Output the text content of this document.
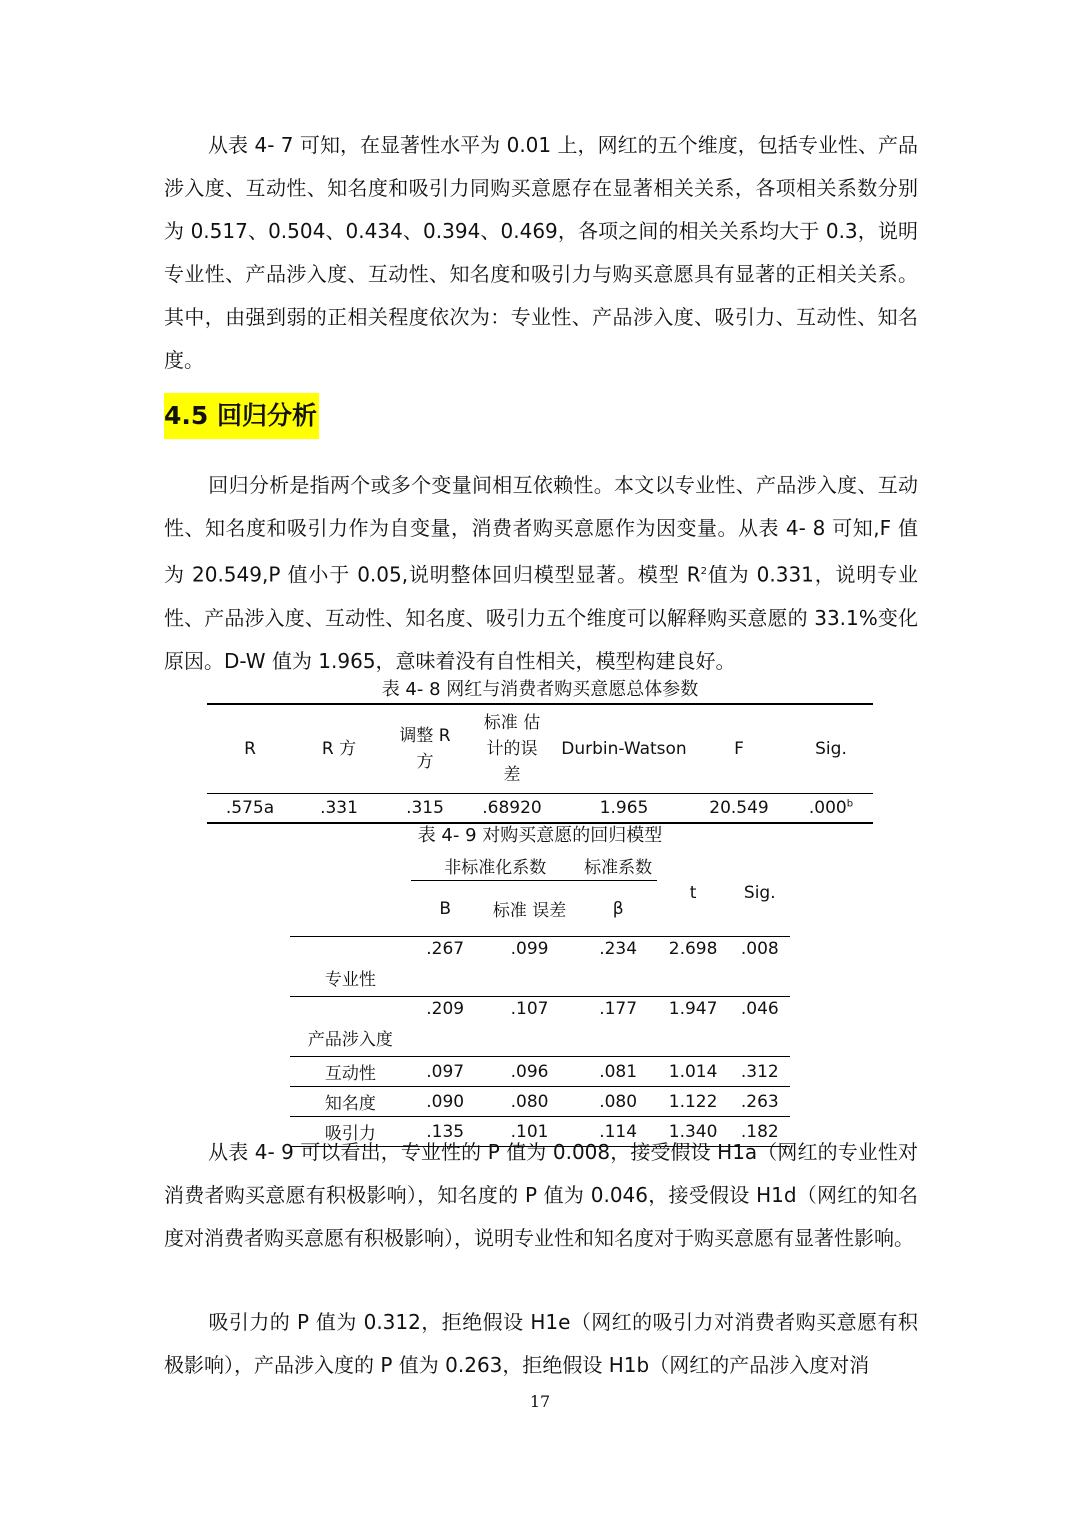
从表 4- 7 可知，在显著性水平为 0.01 上，网红的五个维度，包括专业性、产品涉入度、互动性、知名度和吸引力同购买意愿存在显著相关关系，各项相关系数分别为 0.517、0.504、0.434、0.394、0.469，各项之间的相关关系均大于 0.3，说明专业性、产品涉入度、互动性、知名度和吸引力与购买意愿具有显著的正相关关系。其中，由强到弱的正相关程度依次为：专业性、产品涉入度、吸引力、互动性、知名度。

4.5 回归分析

回归分析是指两个或多个变量间相互依赖性。本文以专业性、产品涉入度、互动性、知名度和吸引力作为自变量，消费者购买意愿作为因变量。从表 4- 8 可知,F 值为 20.549,P 值小于 0.05,说明整体回归模型显著。模型 $R^2$值为 0.331，说明专业性、产品涉入度、互动性、知名度、吸引力五个维度可以解释购买意愿的 33.1%变化原因。D-W 值为 1.965，意味着没有自性相关，模型构建良好。

表 4- 8 网红与消费者购买意愿总体参数
R	R 方	调整 R 方	标准 估计的误差	Durbin-Watson	F	Sig.
.575a	.331	.315	.68920	1.965	20.549	.000$^b$
表 4- 9 对购买意愿的回归模型
	非标准化系数		标准系数	t	Sig.
	B	标准 误差	β		
专业性	.267	.099	.234	2.698	.008
产品涉入度	.209	.107	.177	1.947	.046
互动性	.097	.096	.081	1.014	.312
知名度	.090	.080	.080	1.122	.263
吸引力	.135	.101	.114	1.340	.182

从表 4- 9 可以看出，专业性的 P 值为 0.008，接受假设 H1a（网红的专业性对消费者购买意愿有积极影响），知名度的 P 值为 0.046，接受假设 H1d（网红的知名度对消费者购买意愿有积极影响），说明专业性和知名度对于购买意愿有显著性影响。

吸引力的 P 值为 0.312，拒绝假设 H1e（网红的吸引力对消费者购买意愿有积极影响），产品涉入度的 P 值为 0.263，拒绝假设 H1b（网红的产品涉入度对消

17
